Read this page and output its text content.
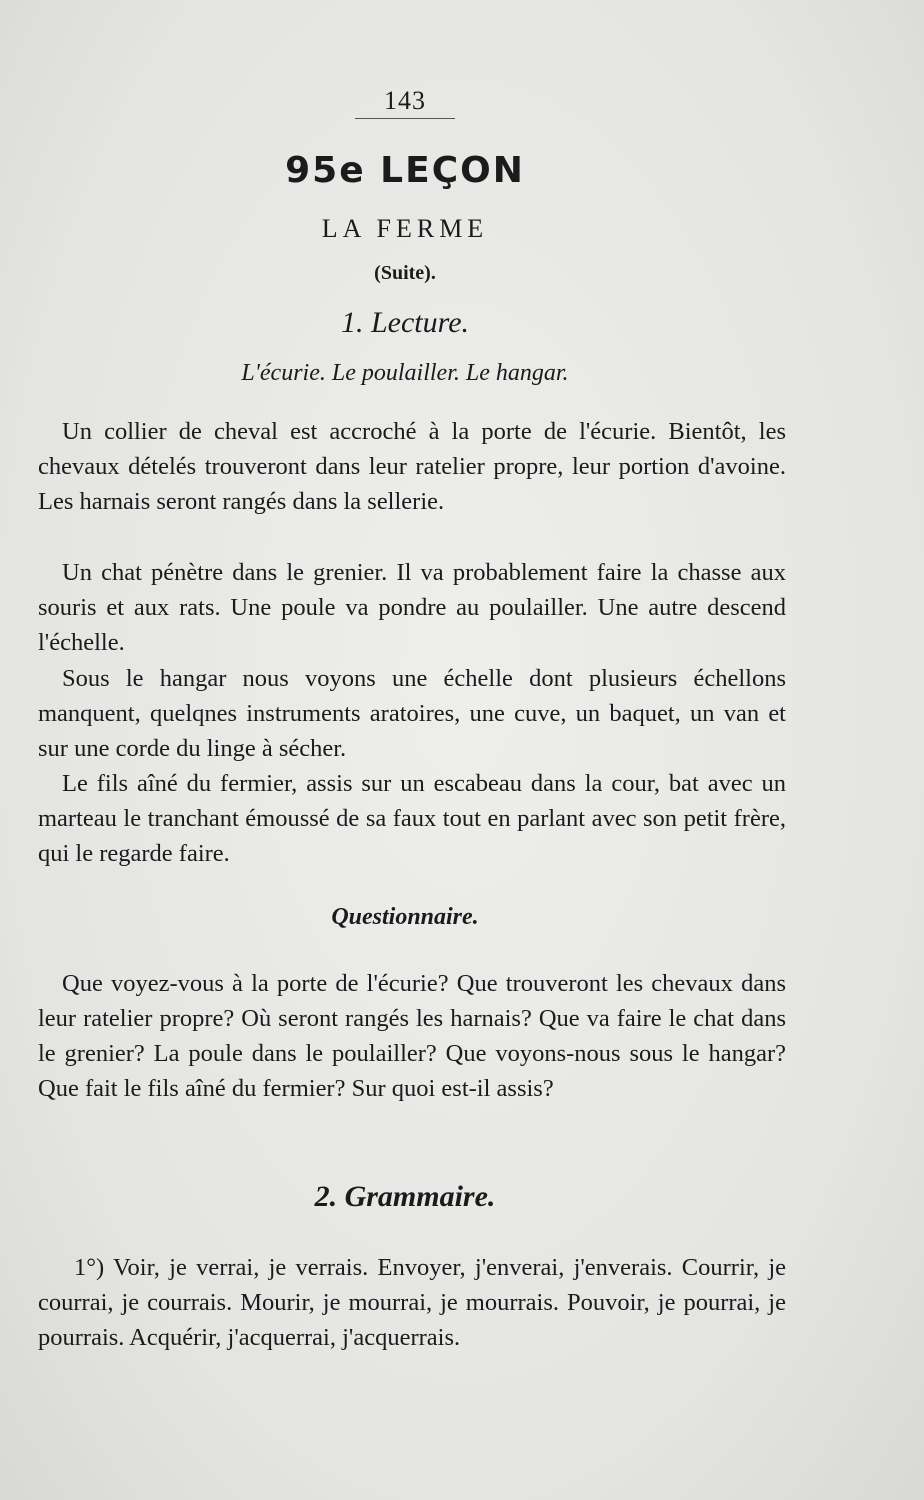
143
95e LEÇON
LA FERME
(Suite).
1. Lecture.
L'écurie. Le poulailler. Le hangar.

Un collier de cheval est accroché à la porte de l'écurie. Bientôt, les chevaux dételés trouveront dans leur ratelier propre, leur portion d'avoine. Les harnais seront rangés dans la sellerie.

Un chat pénètre dans le grenier. Il va probablement faire la chasse aux souris et aux rats. Une poule va pondre au poulailler. Une autre descend l'échelle.

Sous le hangar nous voyons une échelle dont plusieurs échellons manquent, quelqnes instruments aratoires, une cuve, un baquet, un van et sur une corde du linge à sécher.

Le fils aîné du fermier, assis sur un escabeau dans la cour, bat avec un marteau le tranchant émoussé de sa faux tout en parlant avec son petit frère, qui le regarde faire.

Questionnaire.

Que voyez-vous à la porte de l'écurie? Que trouveront les chevaux dans leur ratelier propre? Où seront rangés les harnais? Que va faire le chat dans le grenier? La poule dans le poulailler? Que voyons-nous sous le hangar? Que fait le fils aîné du fermier? Sur quoi est-il assis?

2. Grammaire.

1°) Voir, je verrai, je verrais. Envoyer, j'enverai, j'enverais. Courrir, je courrai, je courrais. Mourir, je mourrai, je mourrais. Pouvoir, je pourrai, je pourrais. Acquérir, j'acquerrai, j'acquerrais.
